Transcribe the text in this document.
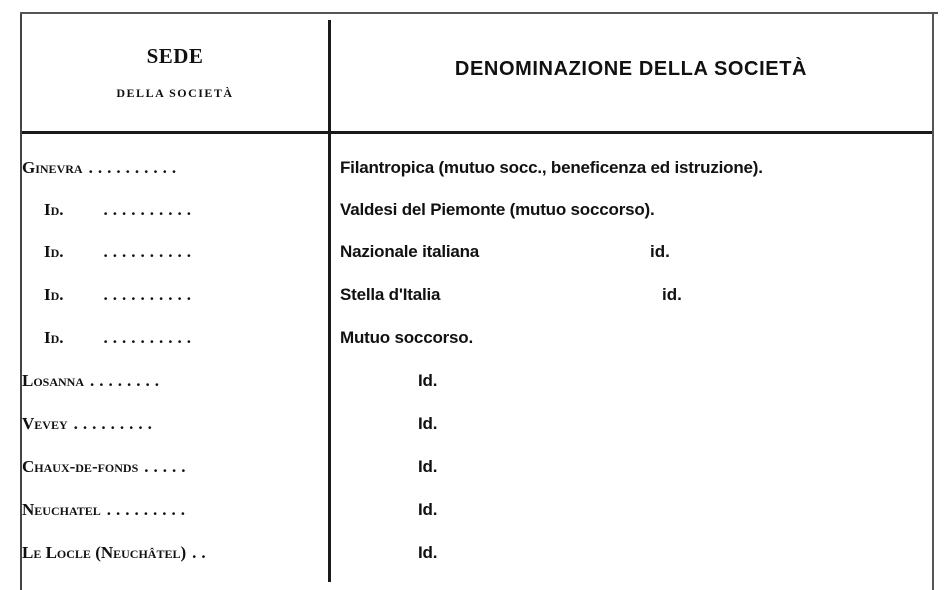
SEDE
DELLA SOCIETÀ
DENOMINAZIONE DELLA SOCIETÀ
Ginevra ..........	Filantropica (mutuo socc., beneficenza ed istruzione).
Id. ..........	Valdesi del Piemonte (mutuo soccorso).
Id. ..........	Nazionale italiana	id.
Id. ..........	Stella d'Italia	id.
Id. ..........	Mutuo soccorso.
Losanna ........	Id.
Vevey .........	Id.
Chaux-de-fonds .....	Id.
Neuchatel .........	Id.
Le Locle (Neuchâtel) ..	Id.
